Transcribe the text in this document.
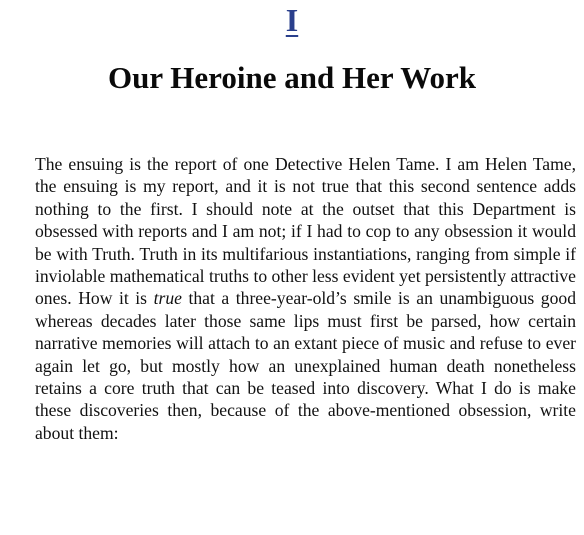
I
Our Heroine and Her Work

The ensuing is the report of one Detective Helen Tame. I am Helen Tame, the ensuing is my report, and it is not true that this second sentence adds nothing to the first. I should note at the outset that this Department is obsessed with reports and I am not; if I had to cop to any obsession it would be with Truth. Truth in its multifarious instantiations, ranging from simple if inviolable mathematical truths to other less evident yet persistently attractive ones. How it is true that a three-year-old’s smile is an unambiguous good whereas decades later those same lips must first be parsed, how certain narrative memories will attach to an extant piece of music and refuse to ever again let go, but mostly how an unexplained human death nonetheless retains a core truth that can be teased into discovery. What I do is make these discoveries then, because of the above-mentioned obsession, write about them:
